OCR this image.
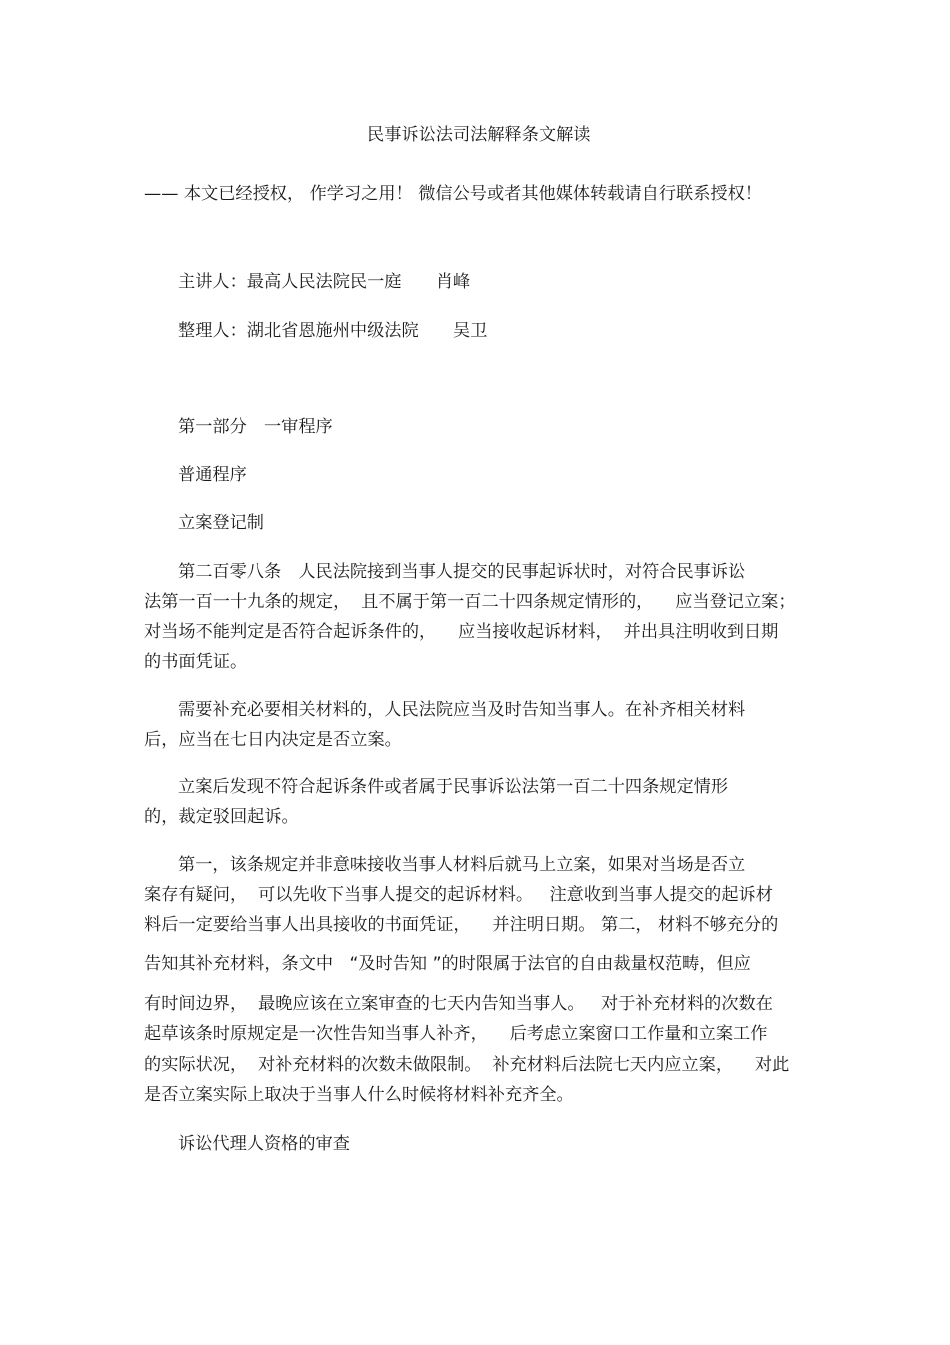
民事诉讼法司法解释条文解读

—— 本文已经授权， 作学习之用！ 微信公号或者其他媒体转载请自行联系授权！

主讲人：最高人民法院民一庭　　肖峰

整理人：湖北省恩施州中级法院　　吴卫

第一部分　一审程序

普通程序

立案登记制

第二百零八条　人民法院接到当事人提交的民事起诉状时，对符合民事诉讼

法第一百一十九条的规定，  且不属于第一百二十四条规定情形的，    应当登记立案；

对当场不能判定是否符合起诉条件的，    应当接收起诉材料，  并出具注明收到日期

的书面凭证。

需要补充必要相关材料的，人民法院应当及时告知当事人。在补齐相关材料

后，应当在七日内决定是否立案。

立案后发现不符合起诉条件或者属于民事诉讼法第一百二十四条规定情形

的，裁定驳回起诉。

第一，该条规定并非意味接收当事人材料后就马上立案，如果对当场是否立

案存有疑问，  可以先收下当事人提交的起诉材料。   注意收到当事人提交的起诉材

料后一定要给当事人出具接收的书面凭证，    并注明日期。 第二， 材料不够充分的

告知其补充材料，条文中   “及时告知 ”的时限属于法官的自由裁量权范畴，但应

有时间边界，  最晚应该在立案审查的七天内告知当事人。   对于补充材料的次数在

起草该条时原规定是一次性告知当事人补齐，    后考虑立案窗口工作量和立案工作

的实际状况，  对补充材料的次数未做限制。  补充材料后法院七天内应立案，    对此

是否立案实际上取决于当事人什么时候将材料补充齐全。

诉讼代理人资格的审查
